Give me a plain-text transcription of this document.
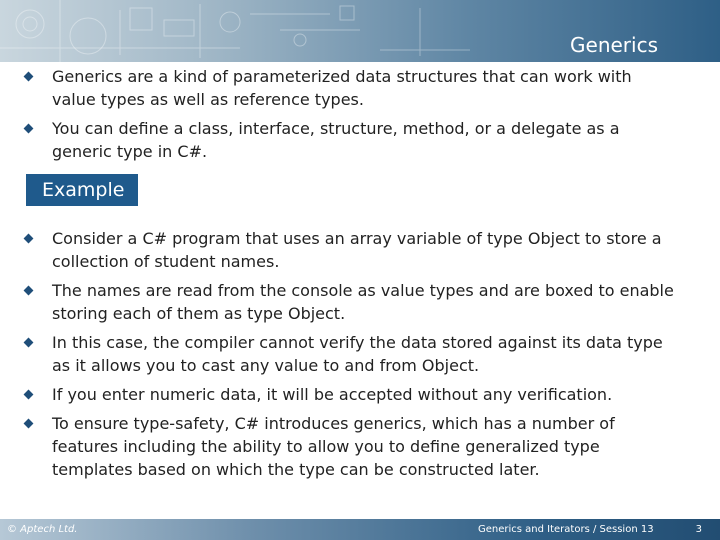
Generics
Generics are a kind of parameterized data structures that can work with value types as well as reference types.
You can define a class, interface, structure, method, or a delegate as a generic type in C#.
Example
Consider a C# program that uses an array variable of type Object to store a collection of student names.
The names are read from the console as value types and are boxed to enable storing each of them as type Object.
In this case, the compiler cannot verify the data stored against its data type as it allows you to cast any value to and from Object.
If you enter numeric data, it will be accepted without any verification.
To ensure type-safety, C# introduces generics, which has a number of features including the ability to allow you to define generalized type templates based on which the type can be constructed later.
© Aptech Ltd.	Generics and Iterators / Session 13	3
